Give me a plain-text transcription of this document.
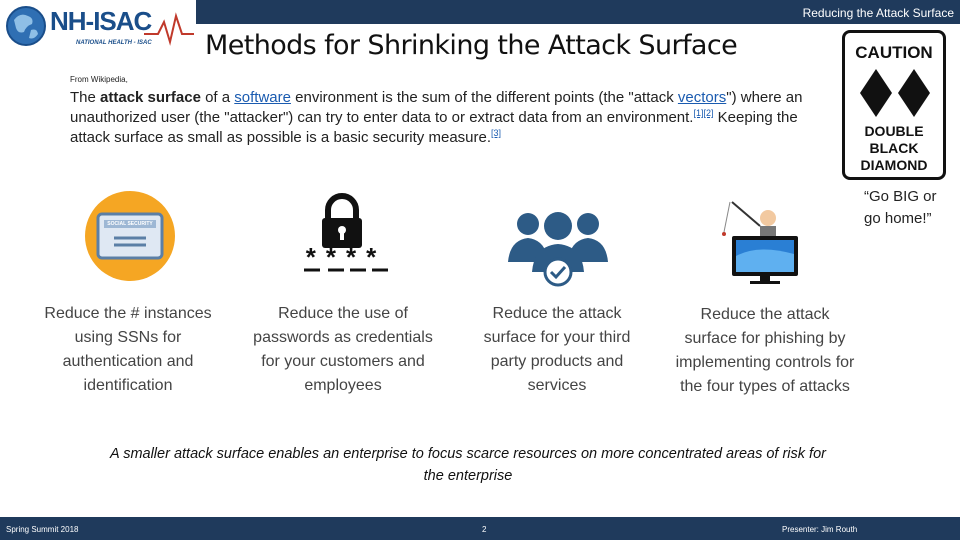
Reducing the Attack Surface
NH-ISAC
NATIONAL HEALTH - ISAC Methods for Shrinking the Attack Surface
From Wikipedia,
The attack surface of a software environment is the sum of the different points (the "attack vectors") where an unauthorized user (the "attacker") can try to enter data to or extract data from an environment.[1][2] Keeping the attack surface as small as possible is a basic security measure.[3]
CAUTION
DOUBLE
BLACK
DIAMOND
“Go BIG or go home!”
SOCIAL SECURITY
****
Reduce the # instances using SSNs for authentication and identification
Reduce the use of passwords as credentials for your customers and employees
Reduce the attack surface for your third party products and services
Reduce the attack surface for phishing by implementing controls for the four types of attacks
A smaller attack surface enables an enterprise to focus scarce resources on more concentrated areas of risk for the enterprise
Spring Summit 2018	2	Presenter: Jim Routh
